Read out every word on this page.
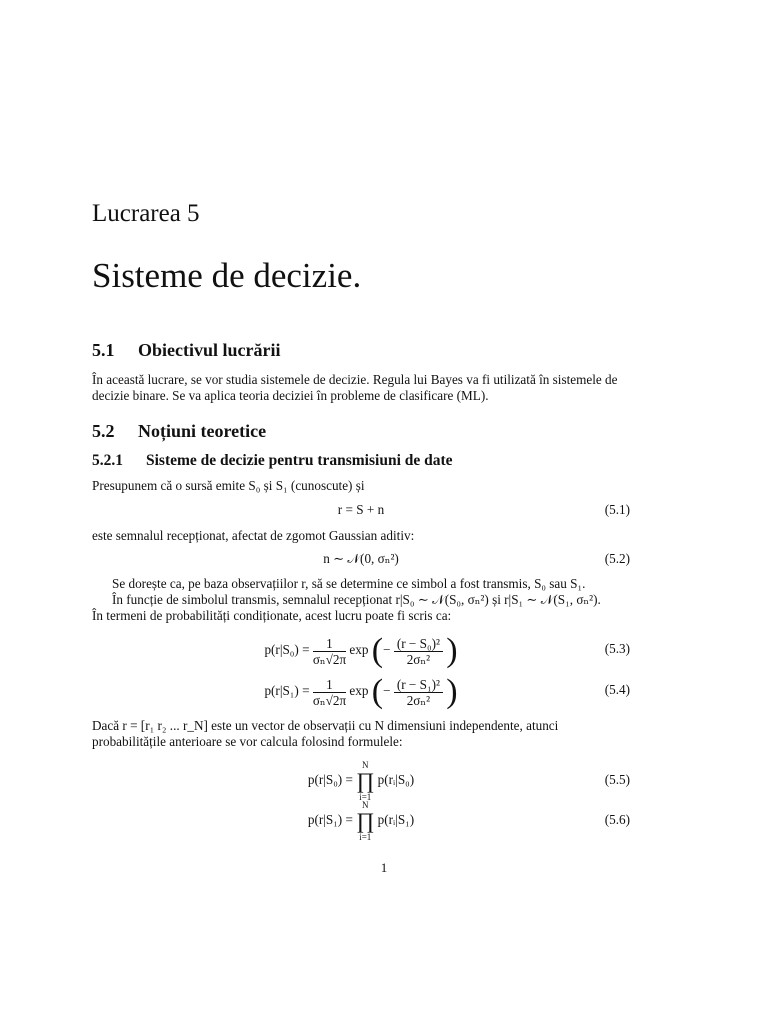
Lucrarea 5
Sisteme de decizie.
5.1 Obiectivul lucrării
În această lucrare, se vor studia sistemele de decizie. Regula lui Bayes va fi utilizată în sistemele de decizie binare. Se va aplica teoria deciziei în probleme de clasificare (ML).
5.2 Noțiuni teoretice
5.2.1 Sisteme de decizie pentru transmisiuni de date
Presupunem că o sursă emite S₀ și S₁ (cunoscute) și
r = S + n	(5.1)
este semnalul recepționat, afectat de zgomot Gaussian aditiv:
n ∼ 𝒩(0, σₙ²)	(5.2)
Se dorește ca, pe baza observațiilor r, să se determine ce simbol a fost transmis, S₀ sau S₁.
În funcție de simbolul transmis, semnalul recepționat r|S₀ ∼ 𝒩(S₀, σₙ²) și r|S₁ ∼ 𝒩(S₁, σₙ²).
În termeni de probabilități condiționate, acest lucru poate fi scris ca:
$p(r|S_0) = \frac{1}{\text{σₙ√2π}}$ exp (− $\frac{\text{(r − S₀)²}}{\text{2σₙ²}}$ )	(5.3)
$p(r|S_1) = \frac{1}{\text{σₙ√2π}}$ exp (− $\frac{\text{(r − S₁)²}}{\text{2σₙ²}}$ )	(5.4)
Dacă r = [r₁ r₂ ... r_N] este un vector de observații cu N dimensiuni independente, atunci probabilitățile anterioare se vor calcula folosind formulele:
p(r|S₀) = N
∏
i=1 p(rᵢ|S₀)	(5.5)
p(r|S₁) = N
∏
i=1 p(rᵢ|S₁)	(5.6)
1
